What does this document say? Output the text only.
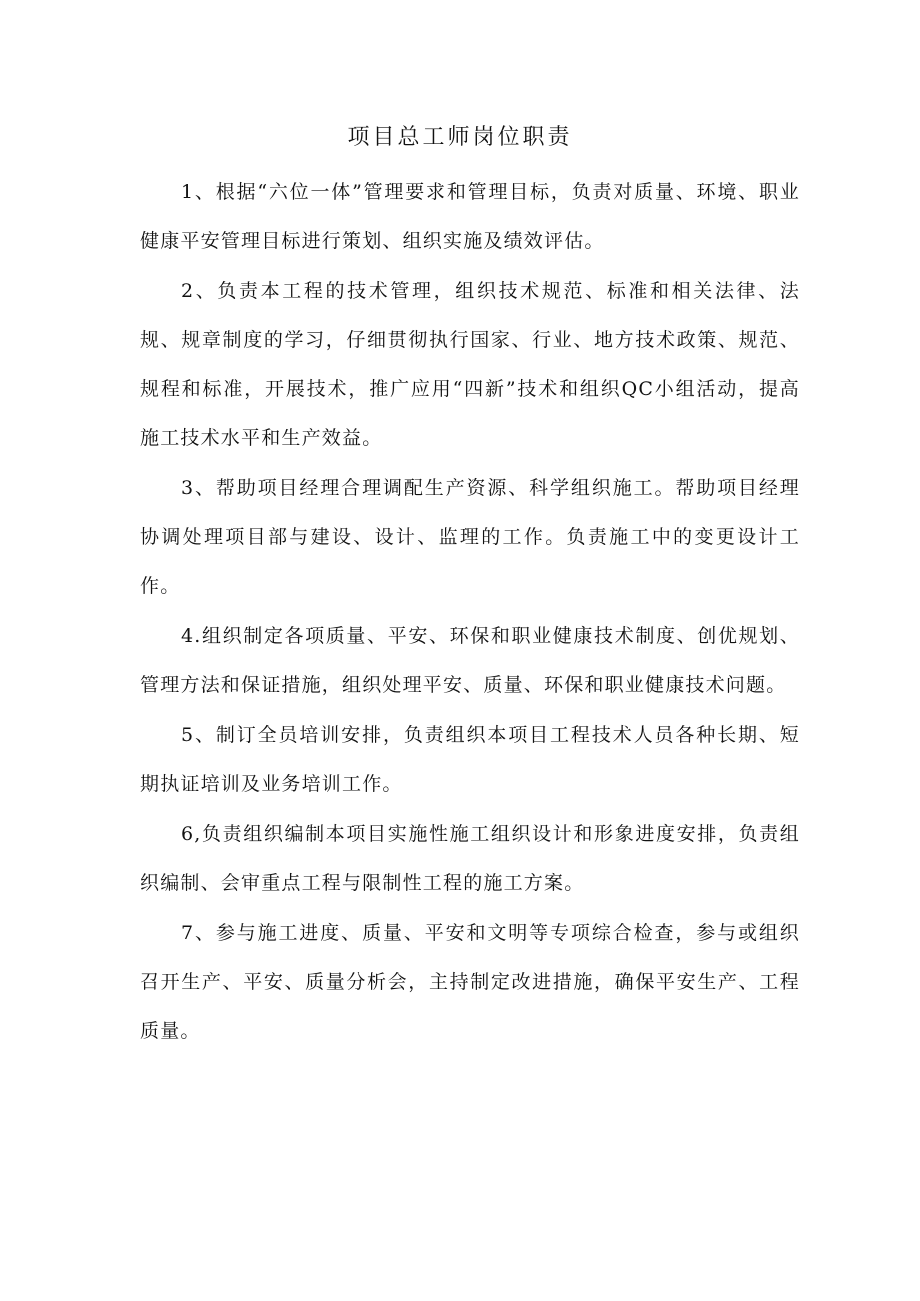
项目总工师岗位职责

1、根据“六位一体”管理要求和管理目标，负责对质量、环境、职业健康平安管理目标进行策划、组织实施及绩效评估。

2、负责本工程的技术管理，组织技术规范、标准和相关法律、法规、规章制度的学习，仔细贯彻执行国家、行业、地方技术政策、规范、规程和标准，开展技术，推广应用“四新”技术和组织QC小组活动，提高施工技术水平和生产效益。

3、帮助项目经理合理调配生产资源、科学组织施工。帮助项目经理协调处理项目部与建设、设计、监理的工作。负责施工中的变更设计工作。

4.组织制定各项质量、平安、环保和职业健康技术制度、创优规划、管理方法和保证措施，组织处理平安、质量、环保和职业健康技术问题。

5、制订全员培训安排，负责组织本项目工程技术人员各种长期、短期执证培训及业务培训工作。

6,负责组织编制本项目实施性施工组织设计和形象进度安排，负责组织编制、会审重点工程与限制性工程的施工方案。

7、参与施工进度、质量、平安和文明等专项综合检查，参与或组织召开生产、平安、质量分析会，主持制定改进措施，确保平安生产、工程质量。
